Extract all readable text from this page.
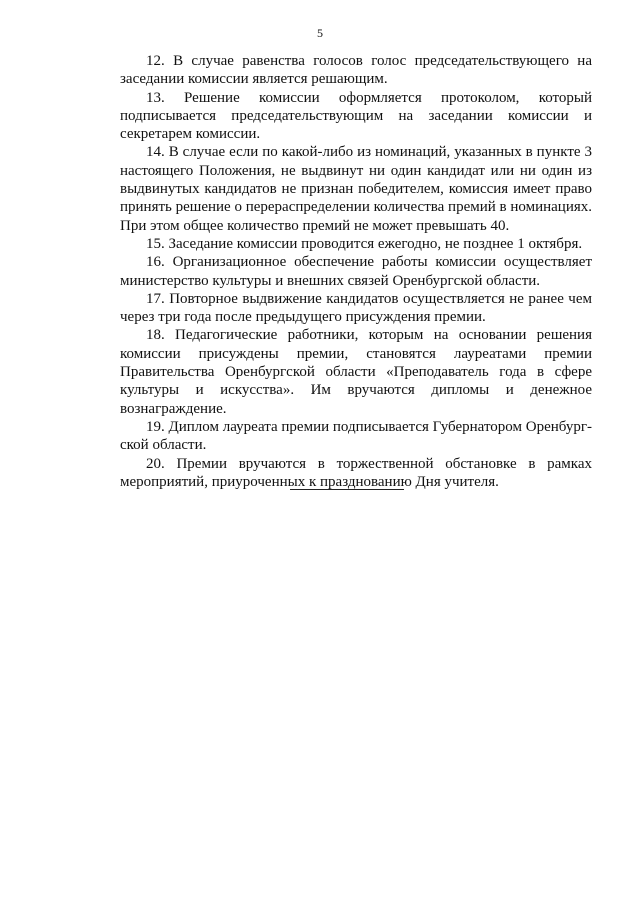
5

12. В случае равенства голосов голос председательствующего на заседании комиссии является решающим.

13. Решение комиссии оформляется протоколом, который подписывается председательствующим на заседании комиссии и секретарем комиссии.

14. В случае если по какой-либо из номинаций, указанных в пункте 3 настоящего Положения, не выдвинут ни один кандидат или ни один из выдвинутых кандидатов не признан победителем, комиссия имеет право принять решение о перераспределении количества премий в номинациях. При этом общее количество премий не может превышать 40.

15. Заседание комиссии проводится ежегодно, не позднее 1 октября.

16. Организационное обеспечение работы комиссии осуществляет министерство культуры и внешних связей Оренбургской области.

17. Повторное выдвижение кандидатов осуществляется не ранее чем через три года после предыдущего присуждения премии.

18. Педагогические работники, которым на основании решения комиссии присуждены премии, становятся лауреатами премии Правительства Оренбургской области «Преподаватель года в сфере культуры и искусства». Им вручаются дипломы и денежное вознаграждение.

19. Диплом лауреата премии подписывается Губернатором Оренбургской области.

20. Премии вручаются в торжественной обстановке в рамках мероприятий, приуроченных к празднованию Дня учителя.
